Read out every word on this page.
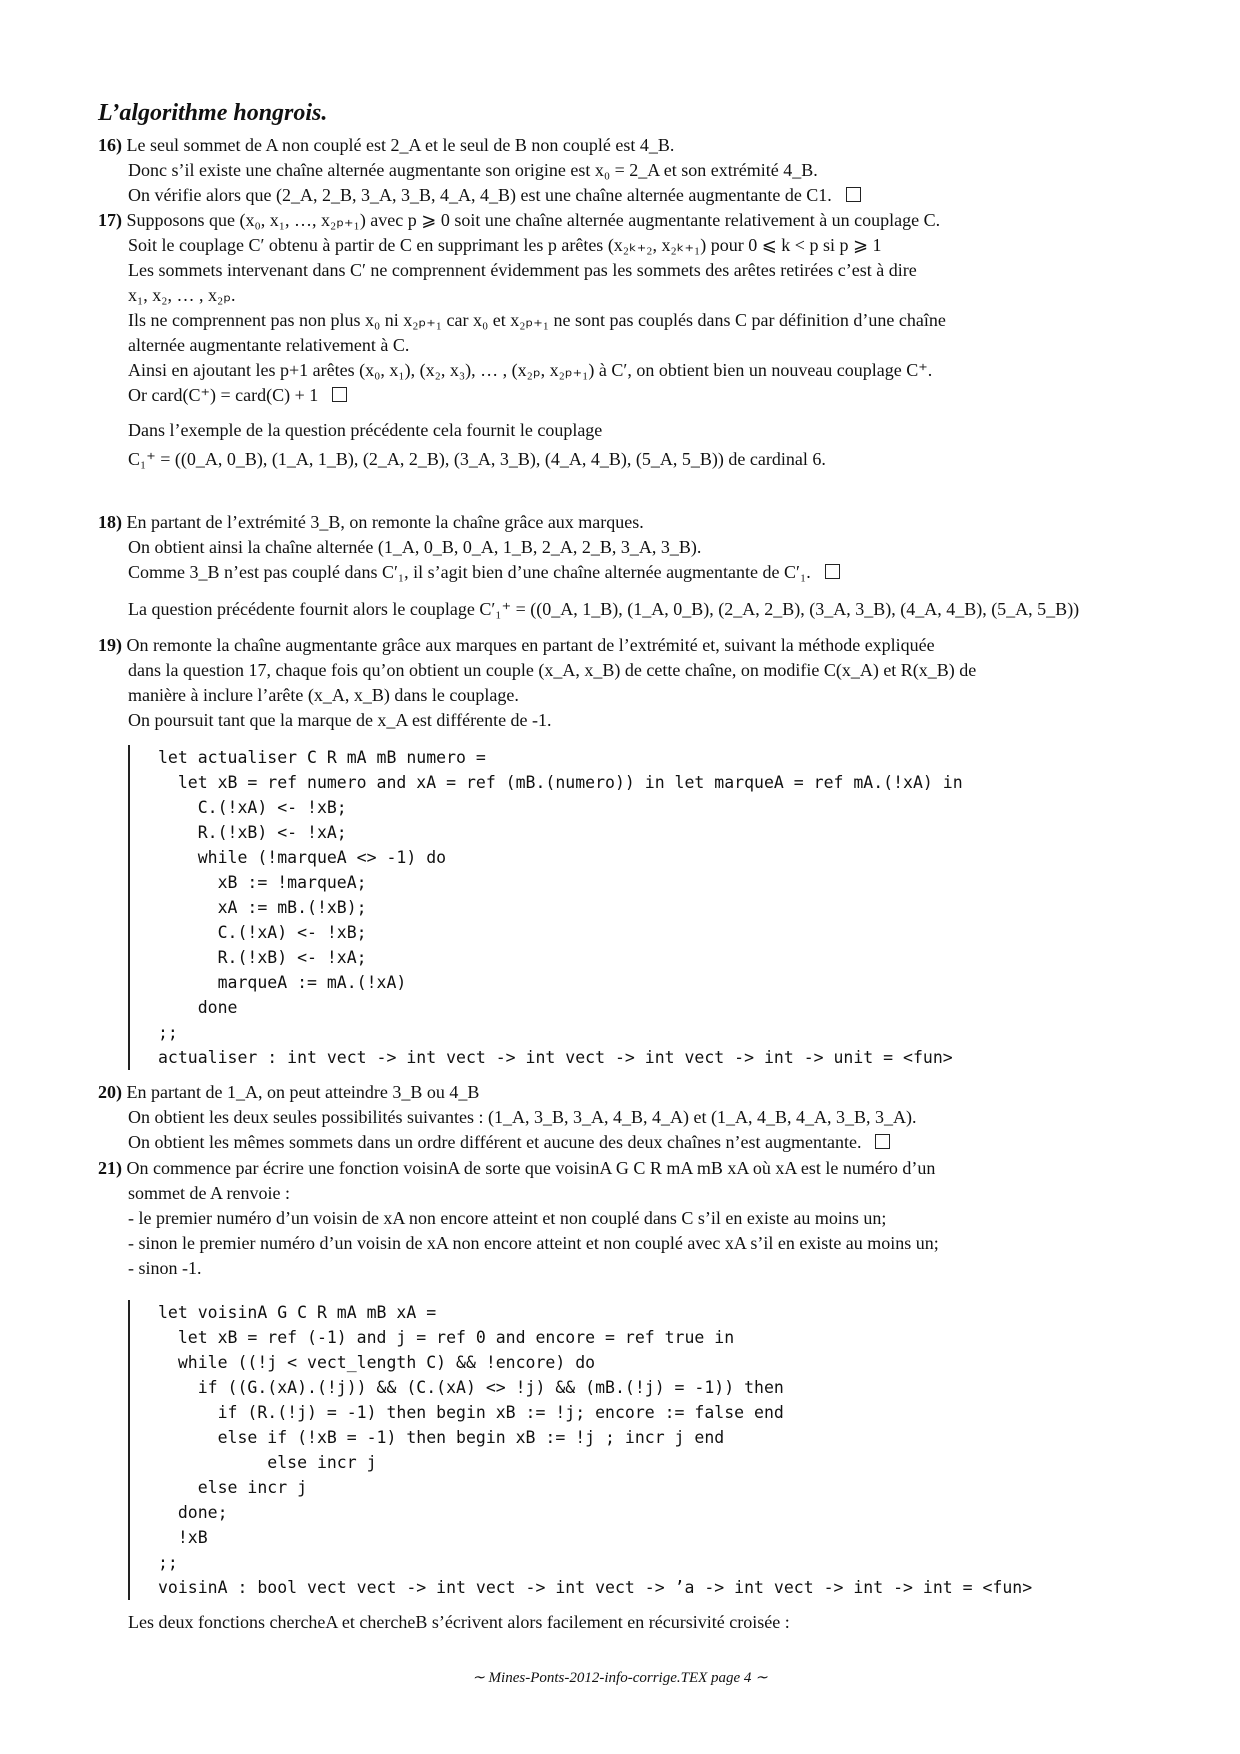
L’algorithme hongrois.
16) Le seul sommet de A non couplé est 2_A et le seul de B non couplé est 4_B.
Donc s’il existe une chaîne alternée augmentante son origine est x₀ = 2_A et son extrémité 4_B.
On vérifie alors que (2_A, 2_B, 3_A, 3_B, 4_A, 4_B) est une chaîne alternée augmentante de C1.
17) Supposons que (x₀, x₁, …, x₂ₚ₊₁) avec p ⩾ 0 soit une chaîne alternée augmentante relativement à un couplage C.
Soit le couplage C′ obtenu à partir de C en supprimant les p arêtes (x₂ₖ₊₂, x₂ₖ₊₁) pour 0 ⩽ k < p si p ⩾ 1
Les sommets intervenant dans C′ ne comprennent évidemment pas les sommets des arêtes retirées c’est à dire
x₁, x₂, … , x₂ₚ.
Ils ne comprennent pas non plus x₀ ni x₂ₚ₊₁ car x₀ et x₂ₚ₊₁ ne sont pas couplés dans C par définition d’une chaîne
alternée augmentante relativement à C.
Ainsi en ajoutant les p+1 arêtes (x₀, x₁), (x₂, x₃), … , (x₂ₚ, x₂ₚ₊₁) à C′, on obtient bien un nouveau couplage C⁺.
Or card(C⁺) = card(C) + 1
Dans l’exemple de la question précédente cela fournit le couplage
C₁⁺ = ((0_A, 0_B), (1_A, 1_B), (2_A, 2_B), (3_A, 3_B), (4_A, 4_B), (5_A, 5_B)) de cardinal 6.
18) En partant de l’extrémité 3_B, on remonte la chaîne grâce aux marques.
On obtient ainsi la chaîne alternée (1_A, 0_B, 0_A, 1_B, 2_A, 2_B, 3_A, 3_B).
Comme 3_B n’est pas couplé dans C′₁, il s’agit bien d’une chaîne alternée augmentante de C′₁.
La question précédente fournit alors le couplage C′₁⁺ = ((0_A, 1_B), (1_A, 0_B), (2_A, 2_B), (3_A, 3_B), (4_A, 4_B), (5_A, 5_B))
19) On remonte la chaîne augmentante grâce aux marques en partant de l’extrémité et, suivant la méthode expliquée
dans la question 17, chaque fois qu’on obtient un couple (x_A, x_B) de cette chaîne, on modifie C(x_A) et R(x_B) de
manière à inclure l’arête (x_A, x_B) dans le couplage.
On poursuit tant que la marque de x_A est différente de -1.
let actualiser C R mA mB numero =
let xB = ref numero and xA = ref (mB.(numero)) in let marqueA = ref mA.(!xA) in
C.(!xA) <- !xB;
R.(!xB) <- !xA;
while (!marqueA <> -1) do
xB := !marqueA;
xA := mB.(!xB);
C.(!xA) <- !xB;
R.(!xB) <- !xA;
marqueA := mA.(!xA)
done
;;
actualiser : int vect -> int vect -> int vect -> int vect -> int -> unit = <fun>
20) En partant de 1_A, on peut atteindre 3_B ou 4_B
On obtient les deux seules possibilités suivantes : (1_A, 3_B, 3_A, 4_B, 4_A) et (1_A, 4_B, 4_A, 3_B, 3_A).
On obtient les mêmes sommets dans un ordre différent et aucune des deux chaînes n’est augmentante.
21) On commence par écrire une fonction voisinA de sorte que voisinA G C R mA mB xA où xA est le numéro d’un
sommet de A renvoie :
- le premier numéro d’un voisin de xA non encore atteint et non couplé dans C s’il en existe au moins un;
- sinon le premier numéro d’un voisin de xA non encore atteint et non couplé avec xA s’il en existe au moins un;
- sinon -1.
let voisinA G C R mA mB xA =
let xB = ref (-1) and j = ref 0 and encore = ref true in
while ((!j < vect_length C) && !encore) do
if ((G.(xA).(!j)) && (C.(xA) <> !j) && (mB.(!j) = -1)) then
if (R.(!j) = -1) then begin xB := !j; encore := false end
else if (!xB = -1) then begin xB := !j ; incr j end
else incr j
else incr j
done;
!xB
;;
voisinA : bool vect vect -> int vect -> int vect -> ’a -> int vect -> int -> int = <fun>
Les deux fonctions chercheA et chercheB s’écrivent alors facilement en récursivité croisée :
∼ Mines-Ponts-2012-info-corrige.TEX page 4 ∼
